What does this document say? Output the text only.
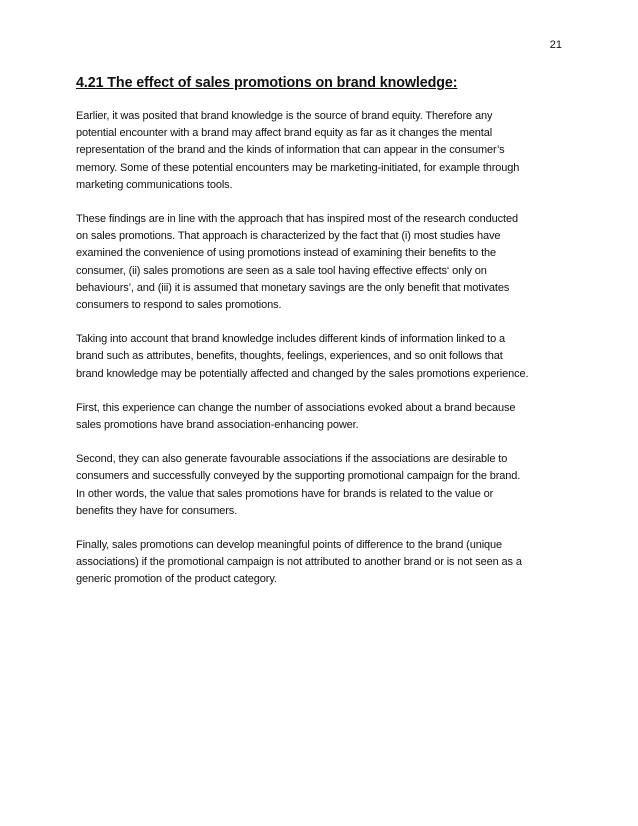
21
4.21 The effect of sales promotions on brand knowledge:
Earlier, it was posited that brand knowledge is the source of brand equity. Therefore any
potential encounter with a brand may affect brand equity as far as it changes the mental
representation of the brand and the kinds of information that can appear in the consumer’s
memory. Some of these potential encounters may be marketing-initiated, for example through
marketing communications tools.
These findings are in line with the approach that has inspired most of the research conducted
on sales promotions. That approach is characterized by the fact that (i) most studies have
examined the convenience of using promotions instead of examining their benefits to the
consumer, (ii) sales promotions are seen as a sale tool having effective effects‘ only on
behaviours’, and (iii) it is assumed that monetary savings are the only benefit that motivates
consumers to respond to sales promotions.
Taking into account that brand knowledge includes different kinds of information linked to a
brand such as attributes, benefits, thoughts, feelings, experiences, and so onit follows that
brand knowledge may be potentially affected and changed by the sales promotions experience.
First, this experience can change the number of associations evoked about a brand because
sales promotions have brand association-enhancing power.
Second, they can also generate favourable associations if the associations are desirable to
consumers and successfully conveyed by the supporting promotional campaign for the brand.
In other words, the value that sales promotions have for brands is related to the value or
benefits they have for consumers.
Finally, sales promotions can develop meaningful points of difference to the brand (unique
associations) if the promotional campaign is not attributed to another brand or is not seen as a
generic promotion of the product category.
